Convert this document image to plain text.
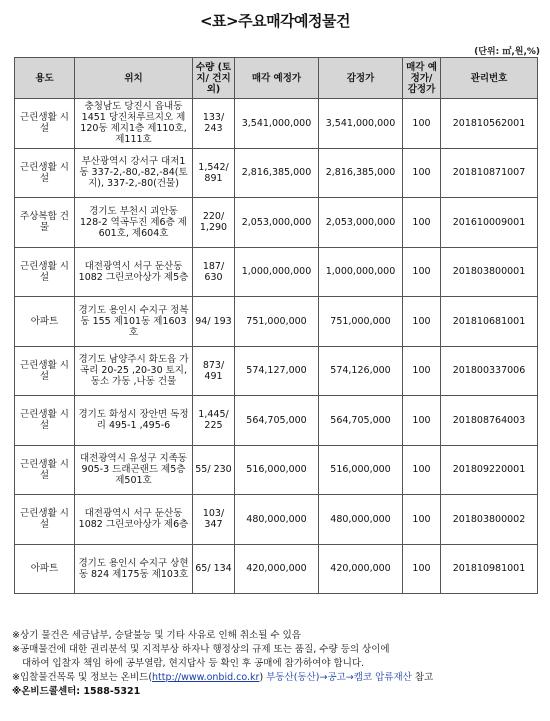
<표>주요매각예정물건
(단위: ㎡,원,%)
용도	위치	수량 (토지/ 건지외)	매각 예정가	감정가	매각 예정가/ 감정가	관리번호
근린생활 시설	충청남도 당진시 읍내동 1451 당진처루르지오 제120동 제지1층 제110호, 제111호	133/ 243	3,541,000,000	3,541,000,000	100	201810562001
근린생활 시설	부산광역시 강서구 대저1동 337-2,-80,-82,-84(토지), 337-2,-80(건물)	1,542/ 891	2,816,385,000	2,816,385,000	100	201810871007
주상복합 건물	경기도 부천시 괴안동 128-2 역곡두진 제6층 제601호, 제604호	220/ 1,290	2,053,000,000	2,053,000,000	100	201610009001
근린생활 시설	대전광역시 서구 둔산동 1082 그린코아상가 제5층	187/ 630	1,000,000,000	1,000,000,000	100	201803800001
아파트	경기도 용인시 수지구 정복동 155 제101동 제1603호	94/ 193	751,000,000	751,000,000	100	201810681001
근린생활 시설	경기도 남양주시 화도읍 가곡리 20-25 ,20-30 토지, 동소 가동 ,나동 건물	873/ 491	574,127,000	574,126,000	100	201800337006
근린생활 시설	경기도 화성시 장안면 독정리 495-1 ,495-6	1,445/ 225	564,705,000	564,705,000	100	201808764003
근린생활 시설	대전광역시 유성구 지족동 905-3 드래곤랜드 제5층 제501호	55/ 230	516,000,000	516,000,000	100	201809220001
근린생활 시설	대전광역시 서구 둔산동 1082 그린코아상가 제6층	103/ 347	480,000,000	480,000,000	100	201803800002
아파트	경기도 용인시 수지구 상현동 824 제175동 제103호	65/ 134	420,000,000	420,000,000	100	201810981001
※상기 물건은 세금납부, 승달불능 및 기타 사유로 인해 취소될 수 있음
※공매물건에 대한 권리분석 및 지적부상 하자나 행정상의 규제 또는 품질, 수량 등의 상이에
대하여 입찰자 책임 하에 공부열람, 현지답사 등 확인 후 공매에 참가하여야 합니다.
※입찰물건목록 및 정보는 온비드(http://www.onbid.co.kr) 부동산(동산)→공고→캠코 압류재산 참고
※온비드콜센터: 1588-5321
